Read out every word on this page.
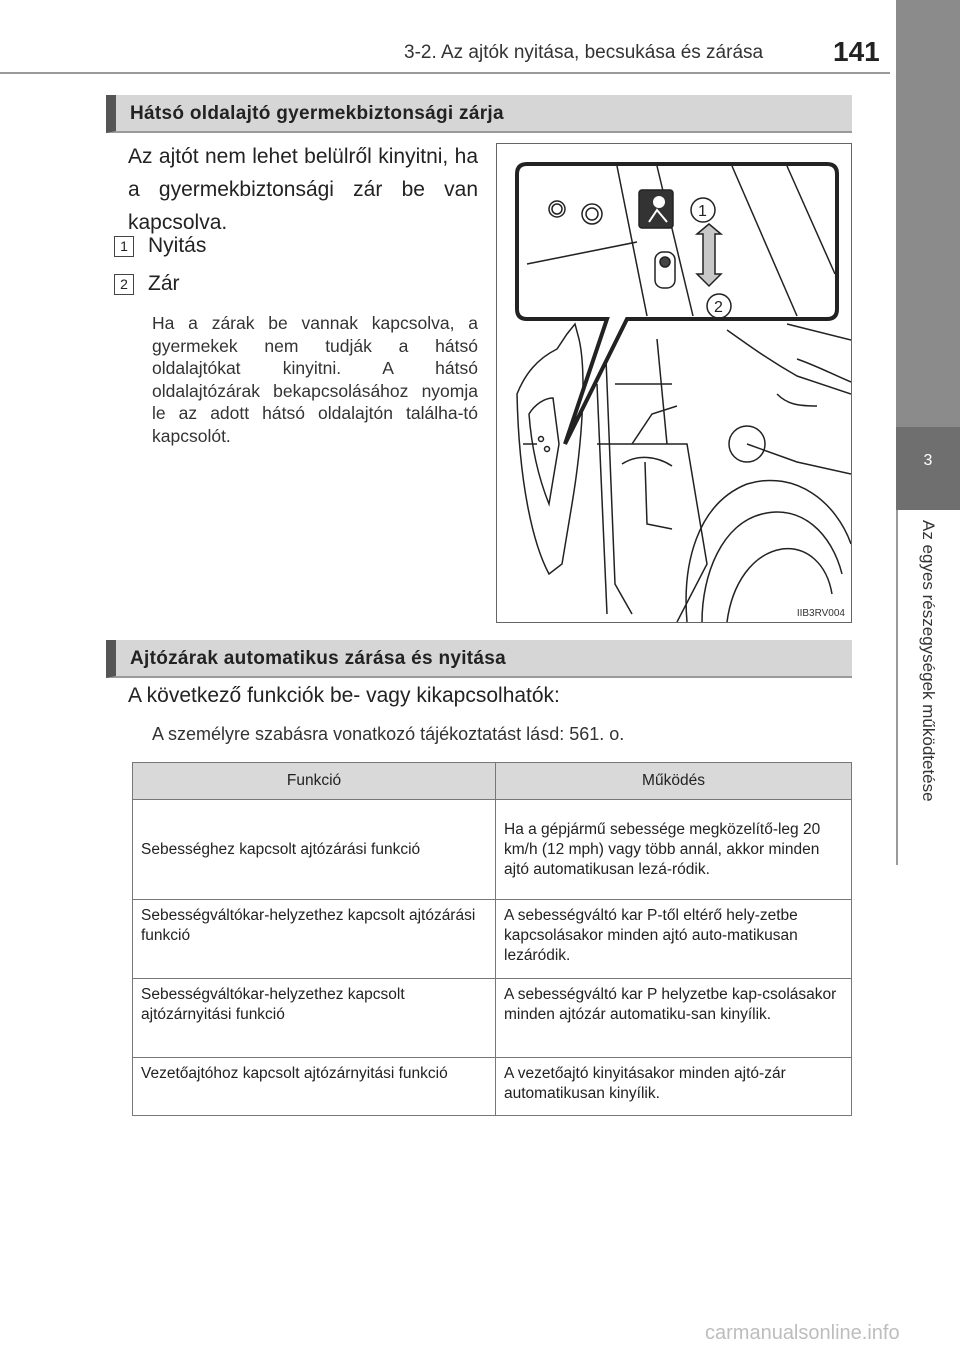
3-2. Az ajtók nyitása, becsukása és zárása 141
3
Az egyes részegységek működtetése
Hátsó oldalajtó gyermekbiztonsági zárja
Az ajtót nem lehet belülről kinyitni, ha a gyermekbiztonsági zár be van kapcsolva.
1 Nyitás
2 Zár
Ha a zárak be vannak kapcsolva, a gyermekek nem tudják a hátsó oldalajtókat kinyitni. A hátsó oldalajtózárak bekapcsolásához nyomja le az adott hátsó oldalajtón találha-tó kapcsolót.
1
2
IIB3RV004
Ajtózárak automatikus zárása és nyitása
A következő funkciók be- vagy kikapcsolhatók:
A személyre szabásra vonatkozó tájékoztatást lásd: 561. o.
Funkció	Működés
Sebességhez kapcsolt ajtózárási funkció	Ha a gépjármű sebessége megközelítő-leg 20 km/h (12 mph) vagy több annál, akkor minden ajtó automatikusan lezá-ródik.
Sebességváltókar-helyzethez kapcsolt ajtózárási funkció	A sebességváltó kar P-től eltérő hely-zetbe kapcsolásakor minden ajtó auto-matikusan lezáródik.
Sebességváltókar-helyzethez kapcsolt ajtózárnyitási funkció	A sebességváltó kar P helyzetbe kap-csolásakor minden ajtózár automatiku-san kinyílik.
Vezetőajtóhoz kapcsolt ajtózárnyitási funkció	A vezetőajtó kinyitásakor minden ajtó-zár automatikusan kinyílik.
carmanualsonline.info
